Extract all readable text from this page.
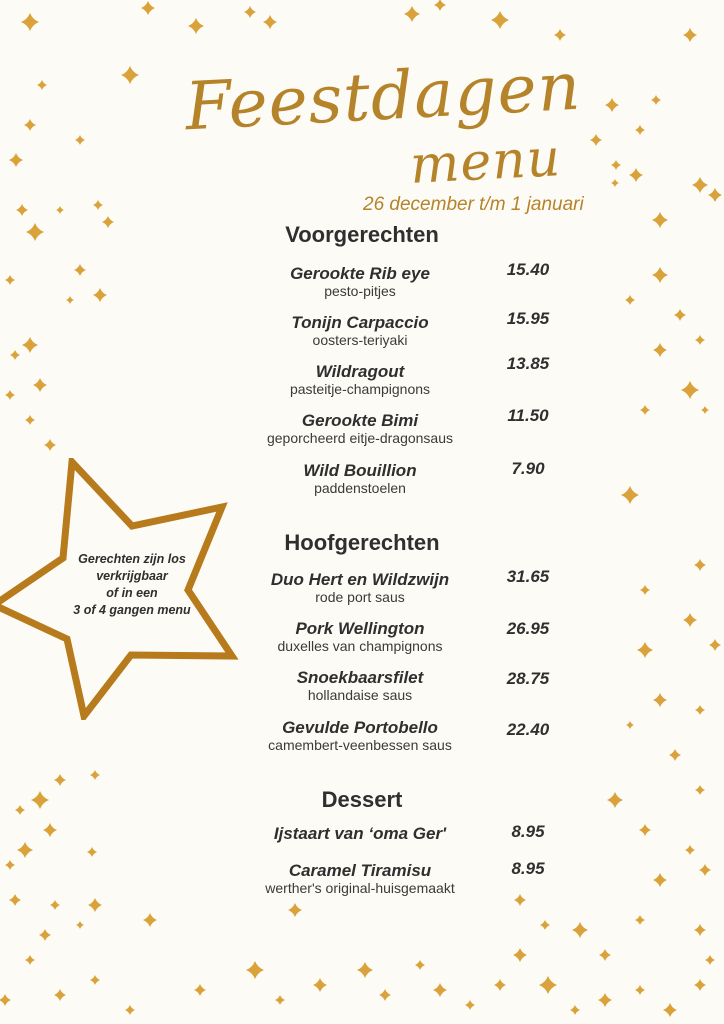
Feestdagen
menu
26 december t/m 1 januari
Voorgerechten
Gerookte Rib eye
pesto-pitjes
15.40
Tonijn Carpaccio
oosters-teriyaki
15.95
Wildragout
pasteitje-champignons
13.85
Gerookte Bimi
geporcheerd eitje-dragonsaus
11.50
Wild Bouillion
paddenstoelen
7.90
Hoofgerechten
Duo Hert en Wildzwijn
rode port saus
31.65
Pork Wellington
duxelles van champignons
26.95
Snoekbaarsfilet
hollandaise saus
28.75
Gevulde Portobello
camembert-veenbessen saus
22.40
Dessert
Ijstaart van ‘oma Ger'	8.95
Caramel Tiramisu
werther's original-huisgemaakt
8.95
Gerechten zijn los
verkrijgbaar
of in een
3 of 4 gangen menu
